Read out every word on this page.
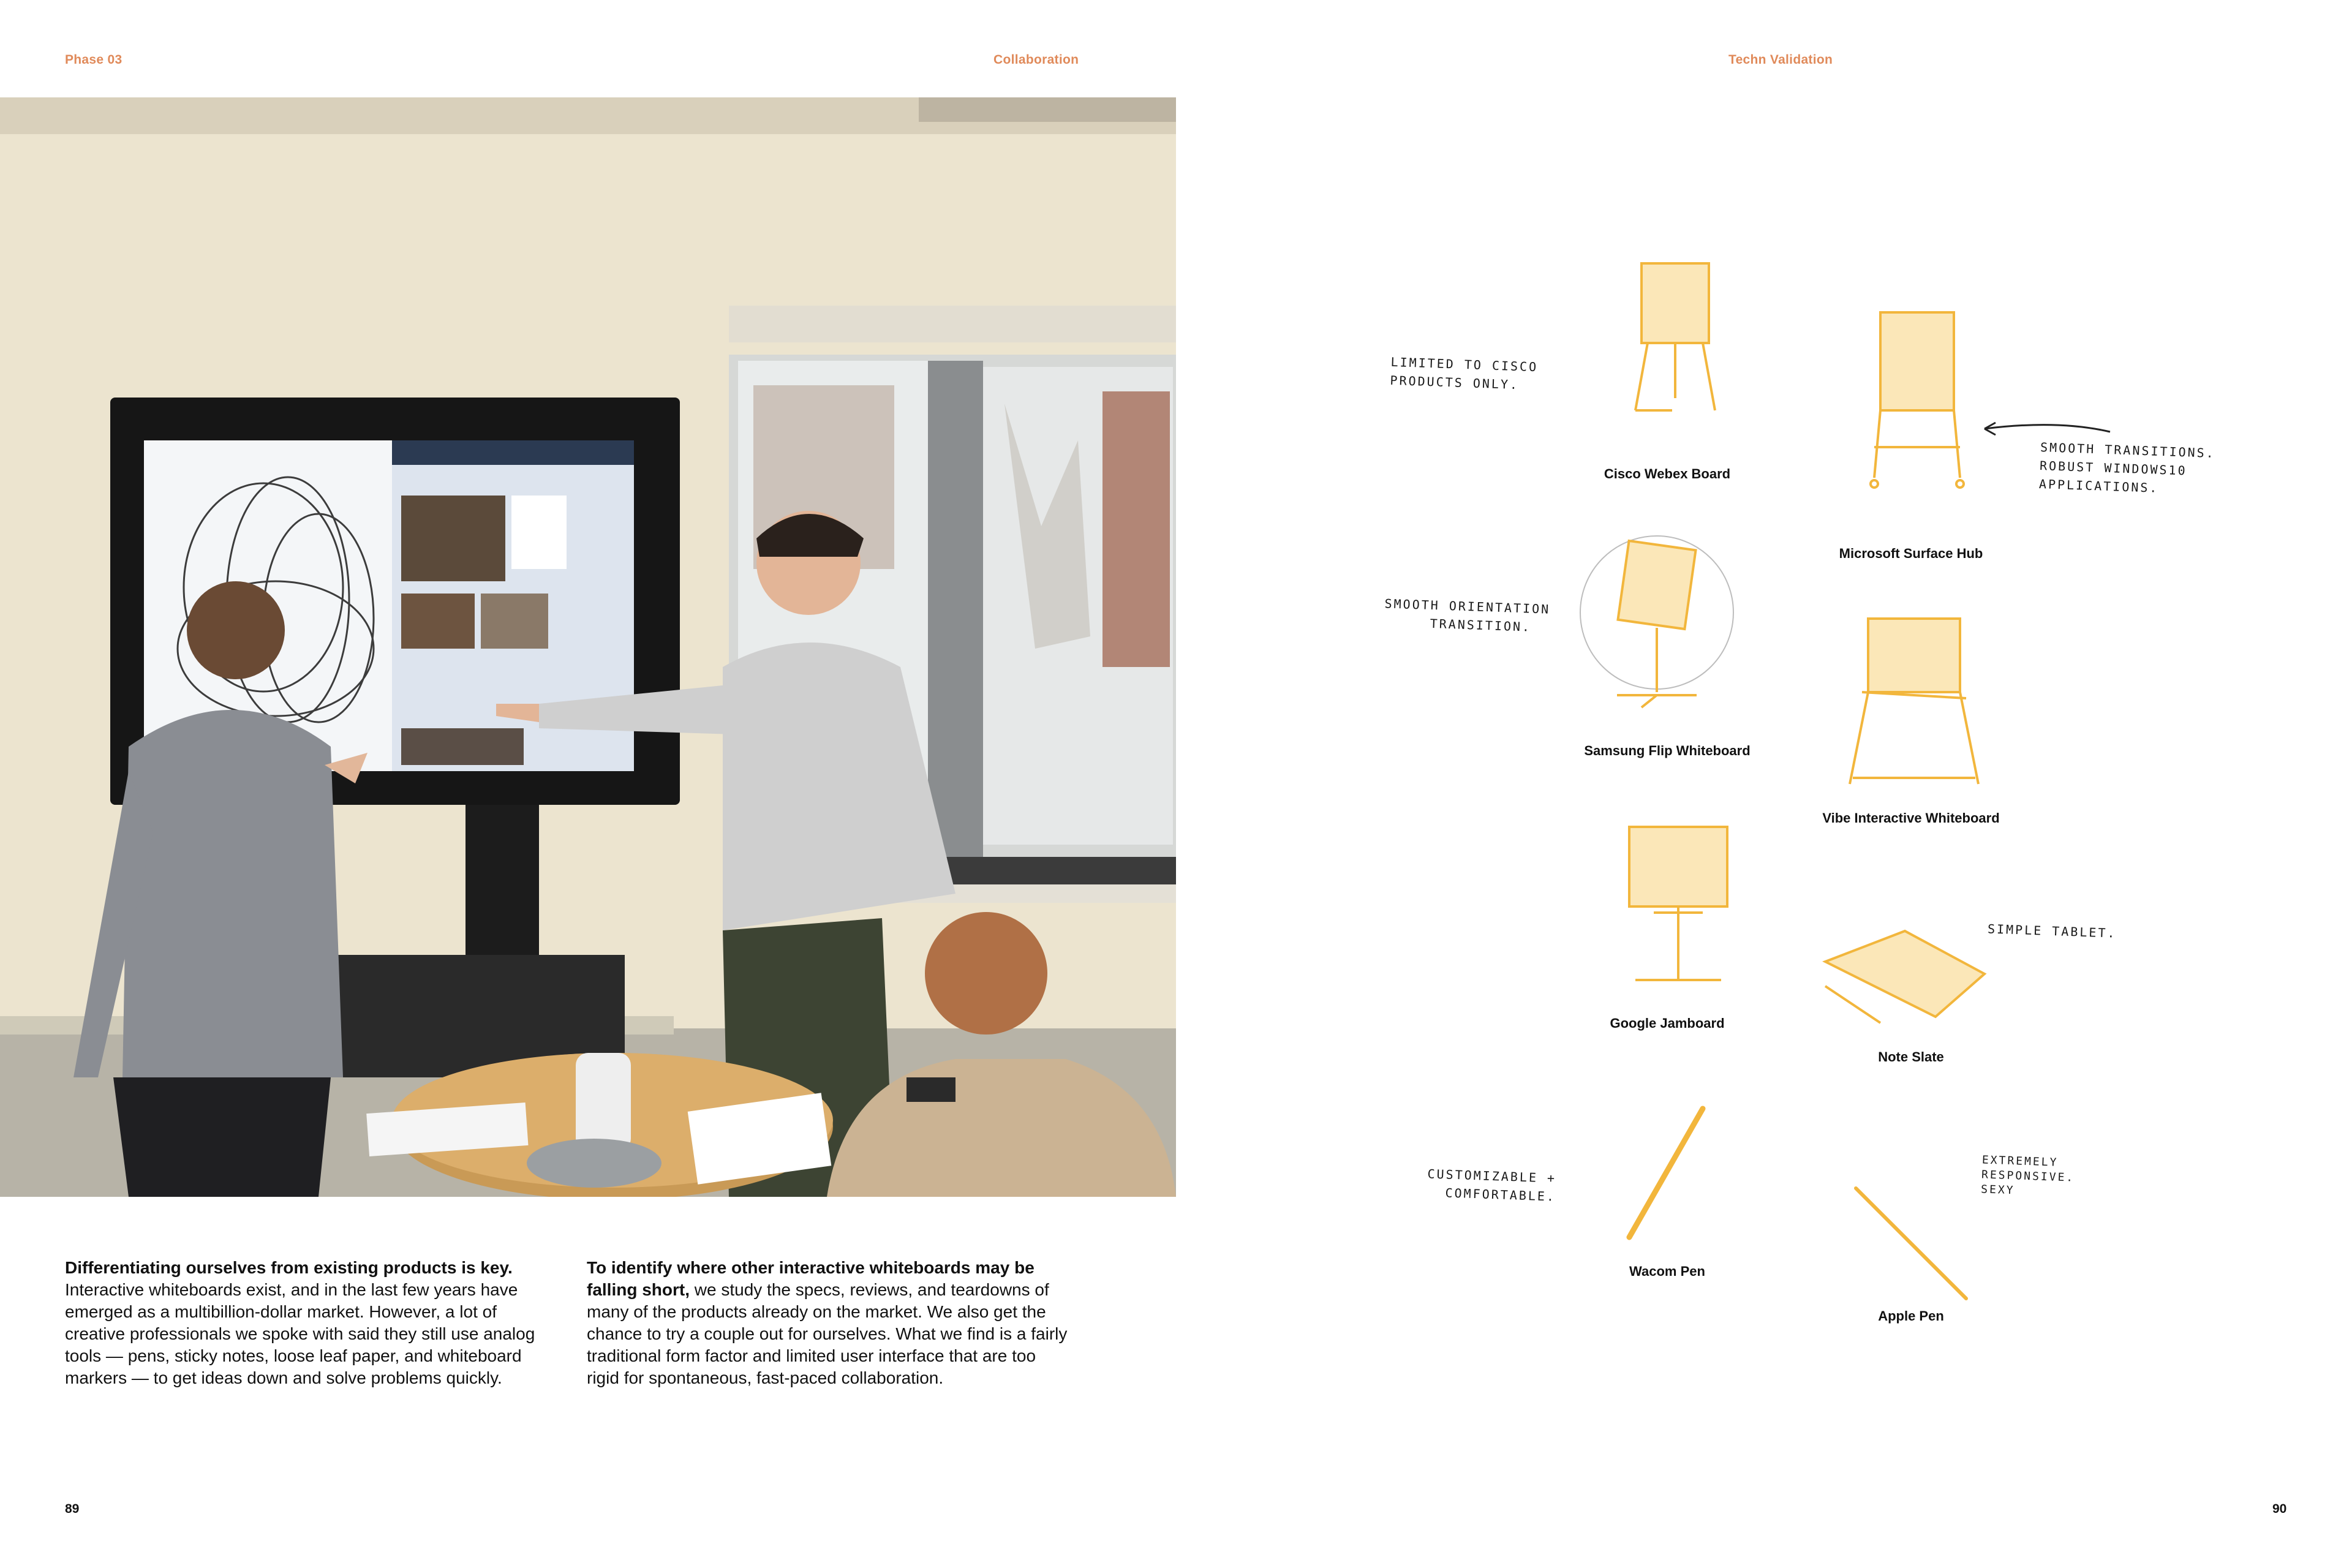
Phase 03	Collaboration	Techn Validation
Differentiating ourselves from existing products is key. Interactive whiteboards exist, and in the last few years have emerged as a multibillion-dollar market. However, a lot of creative professionals we spoke with said they still use analog tools — pens, sticky notes, loose leaf paper, and whiteboard markers — to get ideas down and solve problems quickly.
To identify where other interactive whiteboards may be falling short, we study the specs, reviews, and teardowns of many of the products already on the market. We also get the chance to try a couple out for ourselves. What we find is a fairly traditional form factor and limited user interface that are too rigid for spontaneous, fast-paced collaboration.
89	90
Cisco Webex Board
LIMITED TO CISCO
PRODUCTS ONLY.
Microsoft Surface Hub
SMOOTH TRANSITIONS.
ROBUST WINDOWS10
APPLICATIONS.
Samsung Flip Whiteboard
SMOOTH ORIENTATION
TRANSITION.
Vibe Interactive Whiteboard
Google Jamboard
Note Slate
SIMPLE TABLET.
Wacom Pen
CUSTOMIZABLE +
COMFORTABLE.
Apple Pen
EXTREMELY
RESPONSIVE.
SEXY
